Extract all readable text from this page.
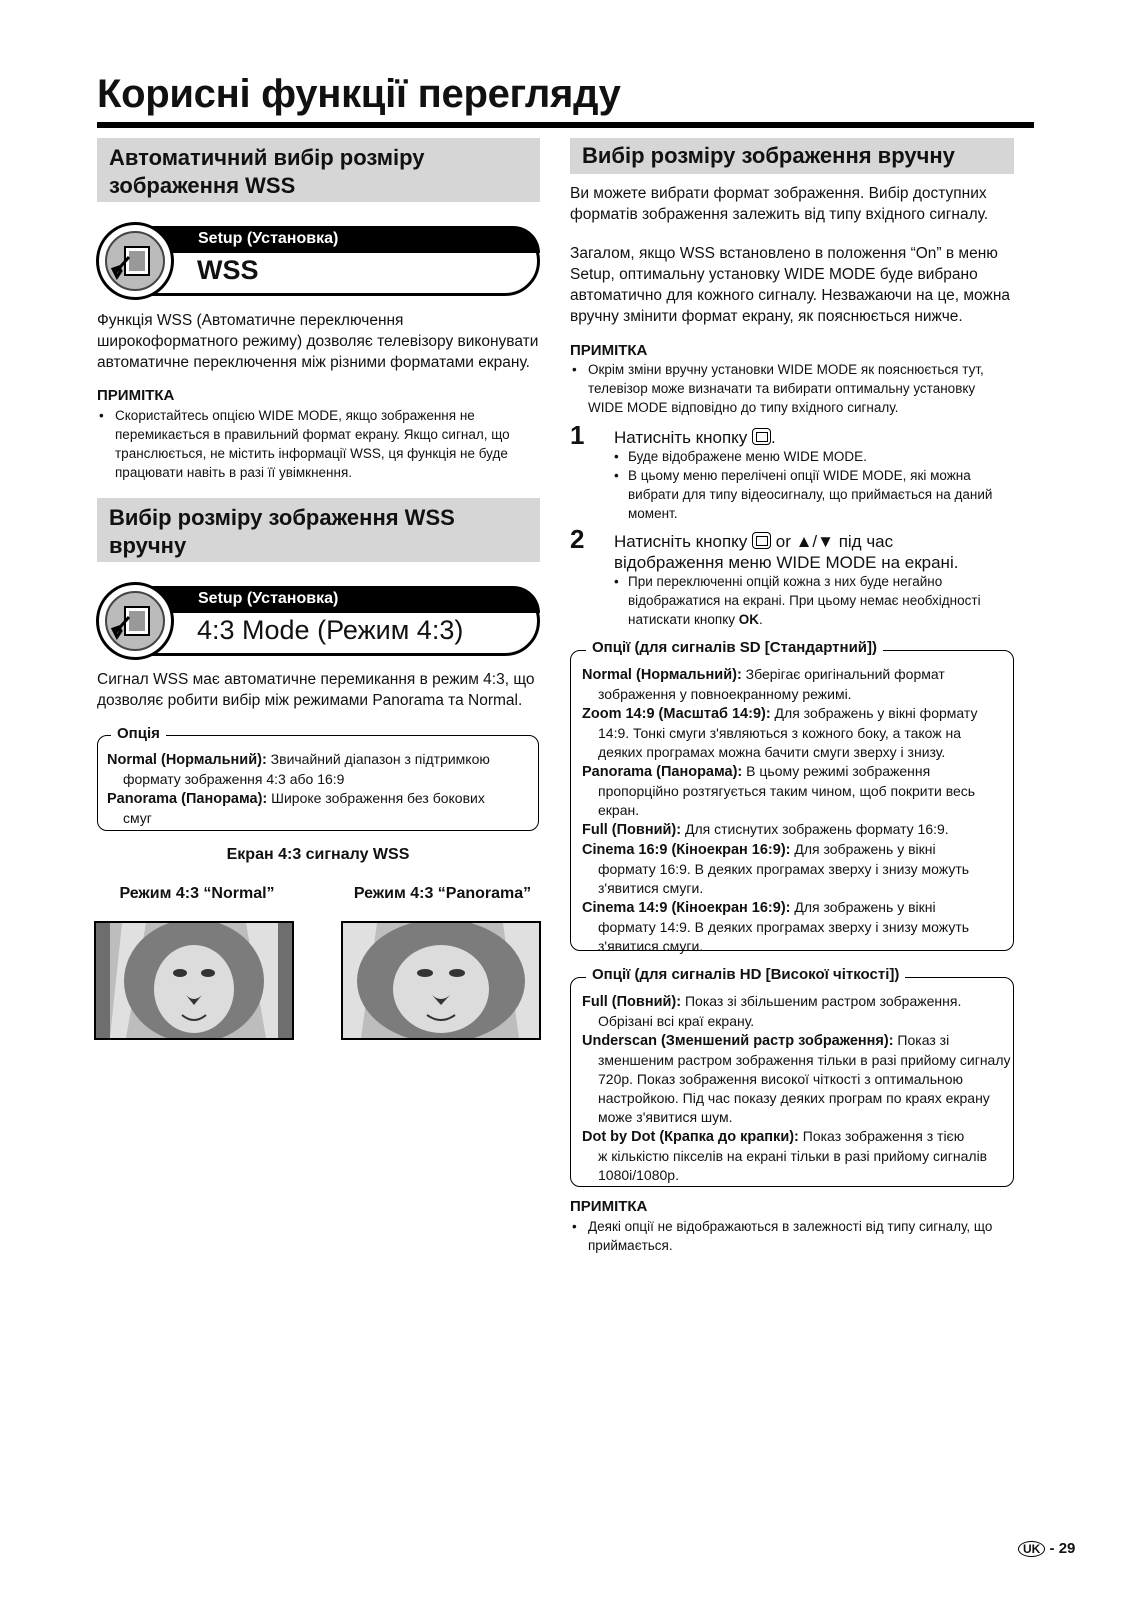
Корисні функції перегляду
Автоматичний вибір розміру
зображення WSS
Setup (Установка)
WSS
Функція WSS (Автоматичне переключення
широкоформатного режиму) дозволяє телевізору виконувати
автоматичне переключення між різними форматами екрану.
ПРИМІТКА
• Скористайтесь опцією WIDE MODE, якщо зображення не
перемикається в правильний формат екрану. Якщо сигнал, що
транслюється, не містить інформації WSS, ця функція не буде
працювати навіть в разі її увімкнення.
Вибір розміру зображення WSS
вручну
Setup (Установка)
4:3 Mode (Режим 4:3)
Сигнал WSS має автоматичне перемикання в режим 4:3, що
дозволяє робити вибір між режимами Panorama та Normal.
Опція
Normal (Нормальний): Звичайний діапазон з підтримкою
формату зображення 4:3 або 16:9
Panorama (Панорама): Широке зображення без бокових
смуг
Екран 4:3 сигналу WSS
Режим 4:3 “Normal”	Режим 4:3 “Panorama”
Вибір розміру зображення вручну
Ви можете вибрати формат зображення. Вибір доступних
форматів зображення залежить від типу вхідного сигналу.
Загалом, якщо WSS встановлено в положення “On” в меню
Setup, оптимальну установку WIDE MODE буде вибрано
автоматично для кожного сигналу. Незважаючи на це, можна
вручну змінити формат екрану, як пояснюється нижче.
ПРИМІТКА
• Окрім зміни вручну установки WIDE MODE як пояснюється тут,
телевізор може визначати та вибирати оптимальну установку
WIDE MODE відповідно до типу вхідного сигналу.
1 Натисніть кнопку .
• Буде відображене меню WIDE MODE.
• В цьому меню перелічені опції WIDE MODE, які можна
вибрати для типу відеосигналу, що приймається на даний
момент.
2 Натисніть кнопку  or ▲/▼ під час
відображення меню WIDE MODE на екрані.
• При переключенні опцій кожна з них буде негайно
відображатися на екрані. При цьому немає необхідності
натискати кнопку OK.
Опції (для сигналів SD [Стандартний])
Normal (Нормальний): Зберігає оригінальний формат
зображення у повноекранному режимі.
Zoom 14:9 (Масштаб 14:9): Для зображень у вікні формату
14:9. Тонкі смуги з'являються з кожного боку, а також на
деяких програмах можна бачити смуги зверху і знизу.
Panorama (Панорама): В цьому режимі зображення
пропорційно розтягується таким чином, щоб покрити весь
екран.
Full (Повний): Для стиснутих зображень формату 16:9.
Cinema 16:9 (Кіноекран 16:9): Для зображень у вікні
формату 16:9. В деяких програмах зверху і знизу можуть
з'явитися смуги.
Cinema 14:9 (Кіноекран 16:9): Для зображень у вікні
формату 14:9. В деяких програмах зверху і знизу можуть
з'явитися смуги.
Опції (для сигналів HD [Високої чіткості])
Full (Повний): Показ зі збільшеним растром зображення.
Обрізані всі краї екрану.
Underscan (Зменшений растр зображення): Показ зі
зменшеним растром зображення тільки в разі прийому сигналу
720p. Показ зображення високої чіткості з оптимальною
настройкою. Під час показу деяких програм по краях екрану
може з'явитися шум.
Dot by Dot (Крапка до крапки): Показ зображення з тією
ж кількістю пікселів на екрані тільки в разі прийому сигналів
1080i/1080p.
ПРИМІТКА
• Деякі опції не відображаються в залежності від типу сигналу, що
приймається.
UK - 29
